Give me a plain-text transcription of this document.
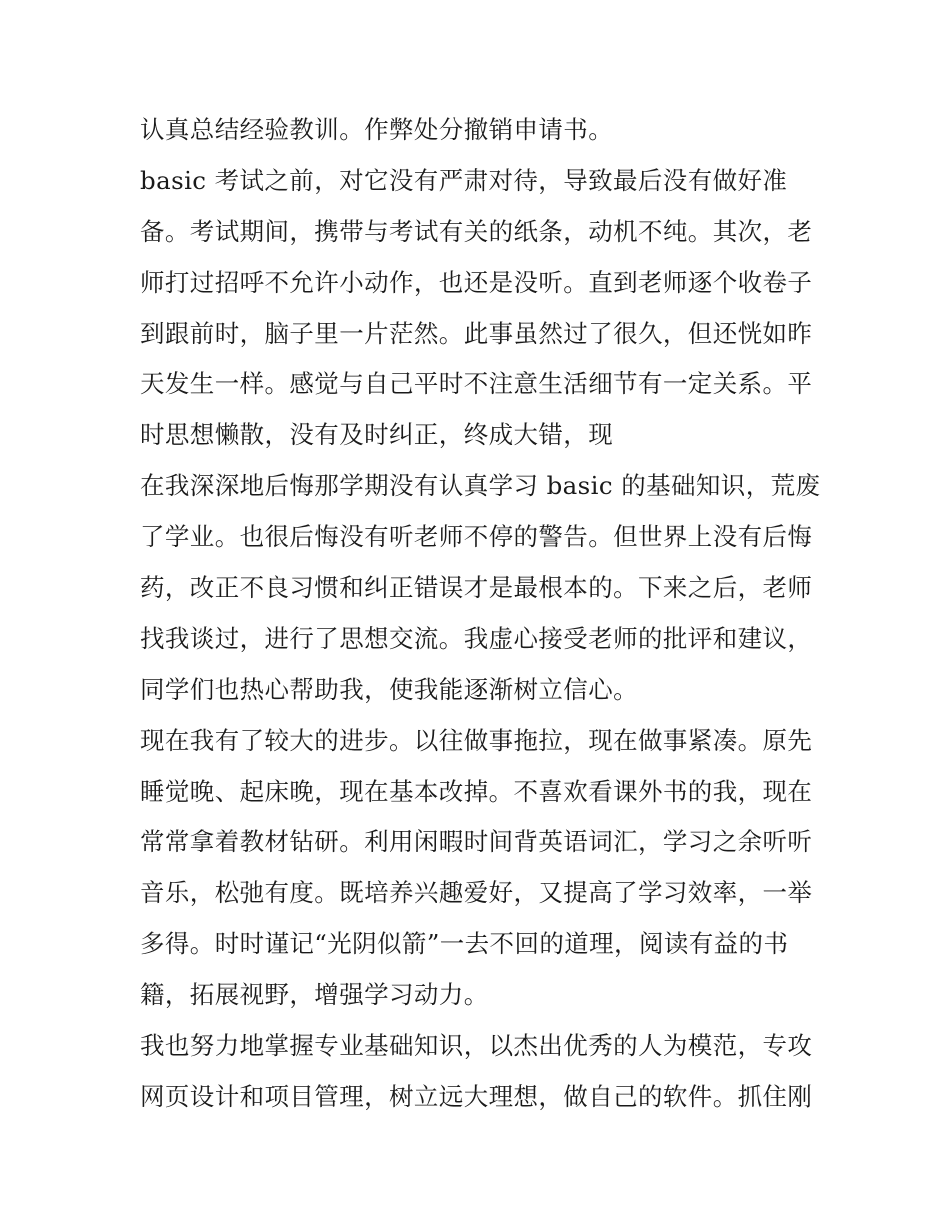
认真总结经验教训。作弊处分撤销申请书。
basic 考试之前，对它没有严肃对待，导致最后没有做好准
备。考试期间，携带与考试有关的纸条，动机不纯。其次，老
师打过招呼不允许小动作，也还是没听。直到老师逐个收卷子
到跟前时，脑子里一片茫然。此事虽然过了很久，但还恍如昨
天发生一样。感觉与自己平时不注意生活细节有一定关系。平
时思想懒散，没有及时纠正，终成大错，现
在我深深地后悔那学期没有认真学习 basic 的基础知识，荒废
了学业。也很后悔没有听老师不停的警告。但世界上没有后悔
药，改正不良习惯和纠正错误才是最根本的。下来之后，老师
找我谈过，进行了思想交流。我虚心接受老师的批评和建议，
同学们也热心帮助我，使我能逐渐树立信心。
现在我有了较大的进步。以往做事拖拉，现在做事紧凑。原先
睡觉晚、起床晚，现在基本改掉。不喜欢看课外书的我，现在
常常拿着教材钻研。利用闲暇时间背英语词汇，学习之余听听
音乐，松弛有度。既培养兴趣爱好，又提高了学习效率，一举
多得。时时谨记“光阴似箭”一去不回的道理，阅读有益的书
籍，拓展视野，增强学习动力。
我也努力地掌握专业基础知识，以杰出优秀的人为模范，专攻
网页设计和项目管理，树立远大理想，做自己的软件。抓住刚
